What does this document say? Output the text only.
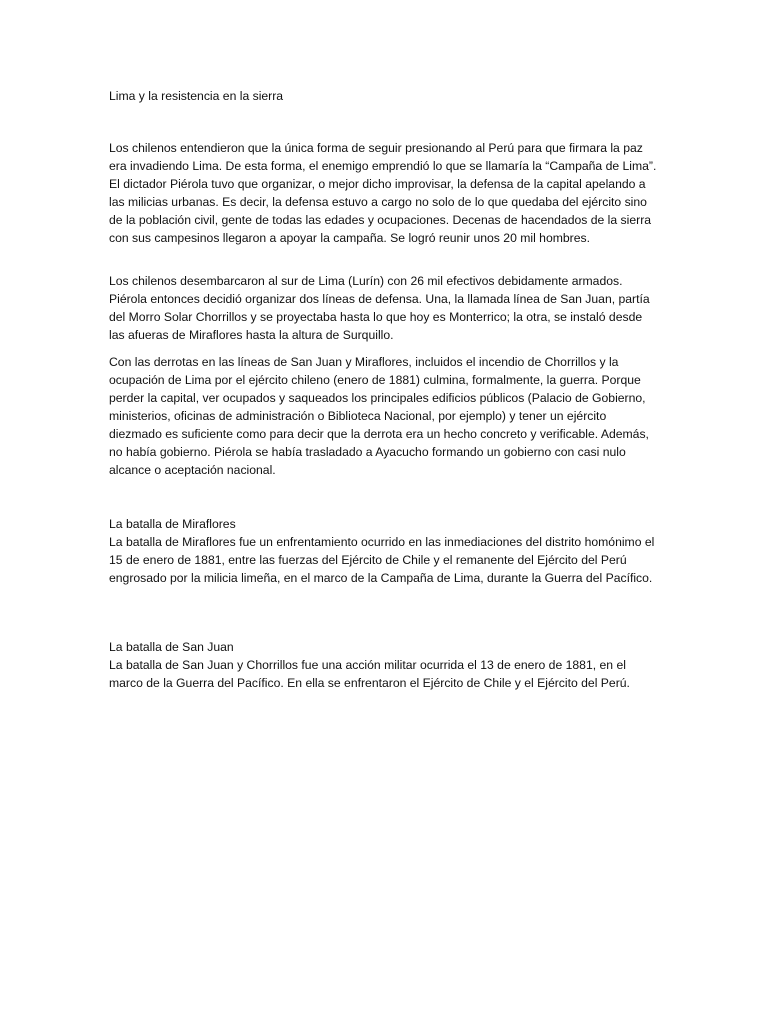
Lima y la resistencia en la sierra

Los chilenos entendieron que la única forma de seguir presionando al Perú para que firmara la paz era invadiendo Lima. De esta forma, el enemigo emprendió lo que se llamaría la “Campaña de Lima”. El dictador Piérola tuvo que organizar, o mejor dicho improvisar, la defensa de la capital apelando a las milicias urbanas. Es decir, la defensa estuvo a cargo no solo de lo que quedaba del ejército sino de la población civil, gente de todas las edades y ocupaciones. Decenas de hacendados de la sierra con sus campesinos llegaron a apoyar la campaña. Se logró reunir unos 20 mil hombres.

Los chilenos desembarcaron al sur de Lima (Lurín) con 26 mil efectivos debidamente armados. Piérola entonces decidió organizar dos líneas de defensa. Una, la llamada línea de San Juan, partía del Morro Solar Chorrillos y se proyectaba hasta lo que hoy es Monterrico; la otra, se instaló desde las afueras de Miraflores hasta la altura de Surquillo.

Con las derrotas en las líneas de San Juan y Miraflores, incluidos el incendio de Chorrillos y la ocupación de Lima por el ejército chileno (enero de 1881) culmina, formalmente, la guerra. Porque perder la capital, ver ocupados y saqueados los principales edificios públicos (Palacio de Gobierno, ministerios, oficinas de administración o Biblioteca Nacional, por ejemplo) y tener un ejército diezmado es suficiente como para decir que la derrota era un hecho concreto y verificable. Además, no había gobierno. Piérola se había trasladado a Ayacucho formando un gobierno con casi nulo alcance o aceptación nacional.

La batalla de Miraflores

La batalla de Miraflores fue un enfrentamiento ocurrido en las inmediaciones del distrito homónimo el 15 de enero de 1881, entre las fuerzas del Ejército de Chile y el remanente del Ejército del Perú engrosado por la milicia limeña, en el marco de la Campaña de Lima, durante la Guerra del Pacífico.

La batalla de San Juan

La batalla de San Juan y Chorrillos fue una acción militar ocurrida el 13 de enero de 1881, en el marco de la Guerra del Pacífico. En ella se enfrentaron el Ejército de Chile y el Ejército del Perú.
